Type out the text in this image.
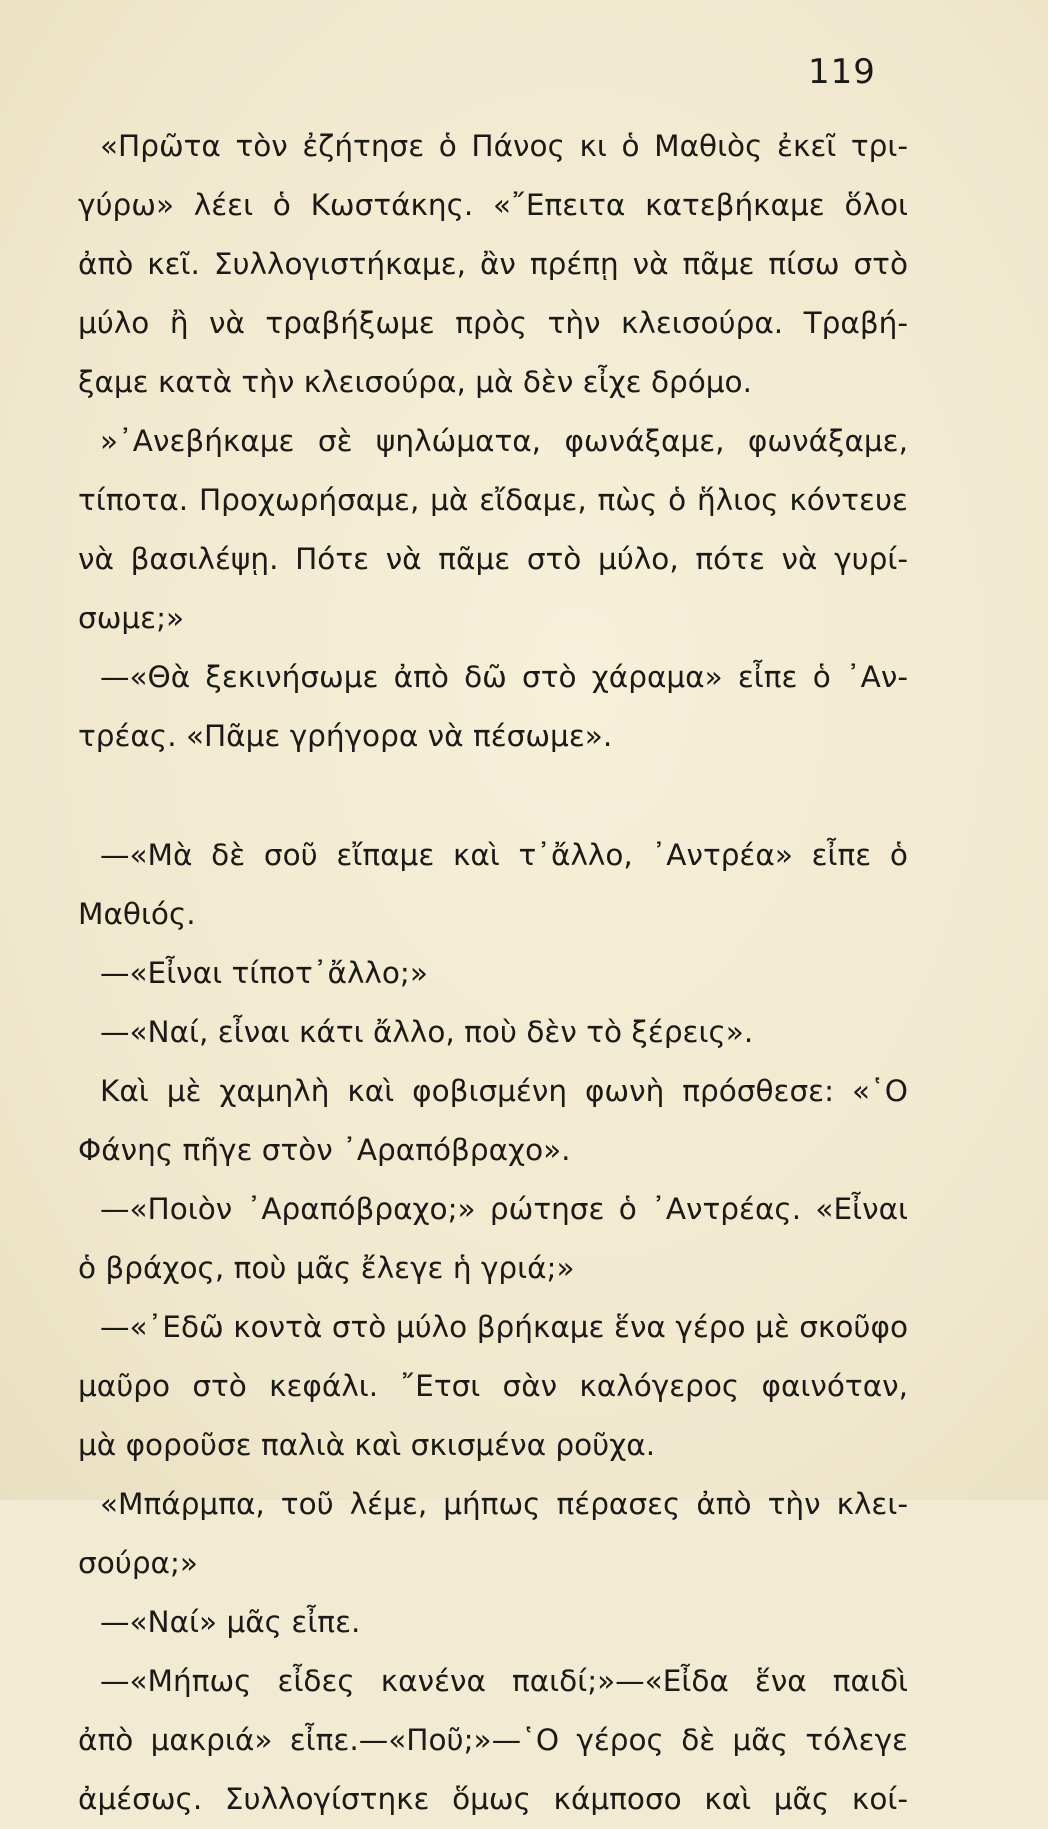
119
«Πρῶτα τὸν ἐζήτησε ὁ Πάνος κι ὁ Μαθιὸς ἐκεῖ τρι-
γύρω» λέει ὁ Κωστάκης. «῎Επειτα κατεβήκαμε ὅλοι
ἀπὸ κεῖ. Συλλογιστήκαμε, ἂν πρέπῃ νὰ πᾶμε πίσω στὸ
μύλο ἢ νὰ τραβήξωμε πρὸς τὴν κλεισούρα. Τραβή-
ξαμε κατὰ τὴν κλεισούρα, μὰ δὲν εἶχε δρόμο.
»᾿Ανεβήκαμε σὲ ψηλώματα, φωνάξαμε, φωνάξαμε,
τίποτα. Προχωρήσαμε, μὰ εἴδαμε, πὼς ὁ ἥλιος κόντευε
νὰ βασιλέψῃ. Πότε νὰ πᾶμε στὸ μύλο, πότε νὰ γυρί-
σωμε;»
—«Θὰ ξεκινήσωμε ἀπὸ δῶ στὸ χάραμα» εἶπε ὁ ᾿Αν-
τρέας. «Πᾶμε γρήγορα νὰ πέσωμε».
—«Μὰ δὲ σοῦ εἴπαμε καὶ τ᾿ἄλλο, ᾿Αντρέα» εἶπε ὁ
Μαθιός.
—«Εἶναι τίποτ᾿ἄλλο;»
—«Ναί, εἶναι κάτι ἄλλο, ποὺ δὲν τὸ ξέρεις».
Καὶ μὲ χαμηλὴ καὶ φοβισμένη φωνὴ πρόσθεσε: «῾Ο
Φάνης πῆγε στὸν ᾿Αραπόβραχο».
—«Ποιὸν ᾿Αραπόβραχο;» ρώτησε ὁ ᾿Αντρέας. «Εἶναι
ὁ βράχος, ποὺ μᾶς ἔλεγε ἡ γριά;»
—«᾿Εδῶ κοντὰ στὸ μύλο βρήκαμε ἕνα γέρο μὲ σκοῦφο
μαῦρο στὸ κεφάλι. ῎Ετσι σὰν καλόγερος φαινόταν,
μὰ φοροῦσε παλιὰ καὶ σκισμένα ροῦχα.
«Μπάρμπα, τοῦ λέμε, μήπως πέρασες ἀπὸ τὴν κλει-
σούρα;»
—«Ναί» μᾶς εἶπε.
—«Μήπως εἶδες κανένα παιδί;»—«Εἶδα ἕνα παιδὶ
ἀπὸ μακριά» εἶπε.—«Ποῦ;»—῾Ο γέρος δὲ μᾶς τόλεγε
ἀμέσως. Συλλογίστηκε ὅμως κάμποσο καὶ μᾶς κοί-
